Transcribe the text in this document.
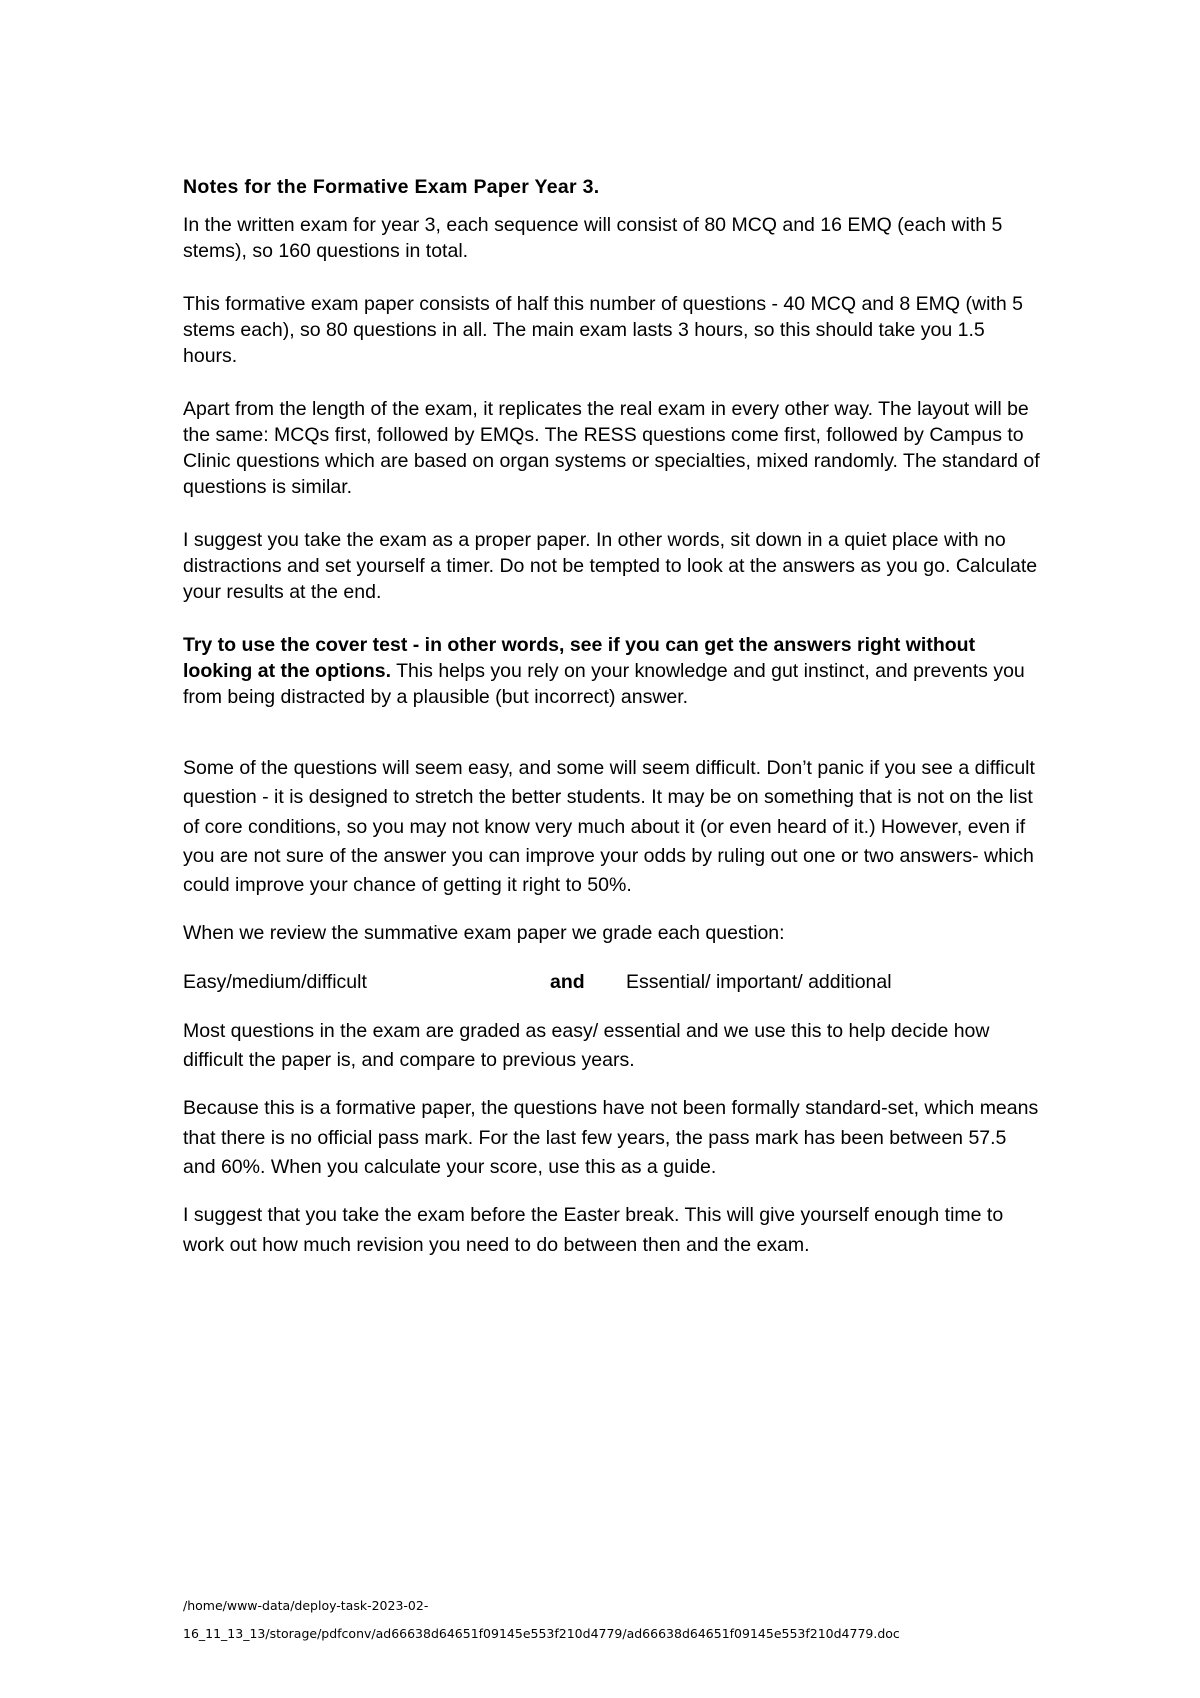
Notes for the Formative Exam Paper Year 3.

In the written exam for year 3, each sequence will consist of 80 MCQ and 16 EMQ (each with 5 stems), so 160 questions in total.

This formative exam paper consists of half this number of questions - 40 MCQ and 8 EMQ (with 5 stems each), so 80 questions in all. The main exam lasts 3 hours, so this should take you 1.5 hours.

Apart from the length of the exam, it replicates the real exam in every other way. The layout will be the same: MCQs first, followed by EMQs. The RESS questions come first, followed by Campus to Clinic questions which are based on organ systems or specialties, mixed randomly. The standard of questions is similar.

I suggest you take the exam as a proper paper. In other words, sit down in a quiet place with no distractions and set yourself a timer. Do not be tempted to look at the answers as you go. Calculate your results at the end.

Try to use the cover test - in other words, see if you can get the answers right without looking at the options. This helps you rely on your knowledge and gut instinct, and prevents you from being distracted by a plausible (but incorrect) answer.

Some of the questions will seem easy, and some will seem difficult. Don’t panic if you see a difficult question - it is designed to stretch the better students. It may be on something that is not on the list of core conditions, so you may not know very much about it (or even heard of it.) However, even if you are not sure of the answer you can improve your odds by ruling out one or two answers- which could improve your chance of getting it right to 50%.

When we review the summative exam paper we grade each question:

Easy/medium/difficult	and Essential/ important/ additional

Most questions in the exam are graded as easy/ essential and we use this to help decide how difficult the paper is, and compare to previous years.

Because this is a formative paper, the questions have not been formally standard-set, which means that there is no official pass mark. For the last few years, the pass mark has been between 57.5 and 60%. When you calculate your score, use this as a guide.

I suggest that you take the exam before the Easter break. This will give yourself enough time to work out how much revision you need to do between then and the exam.

/home/www-data/deploy-task-2023-02-
16_11_13_13/storage/pdfconv/ad66638d64651f09145e553f210d4779/ad66638d64651f09145e553f210d4779.doc
